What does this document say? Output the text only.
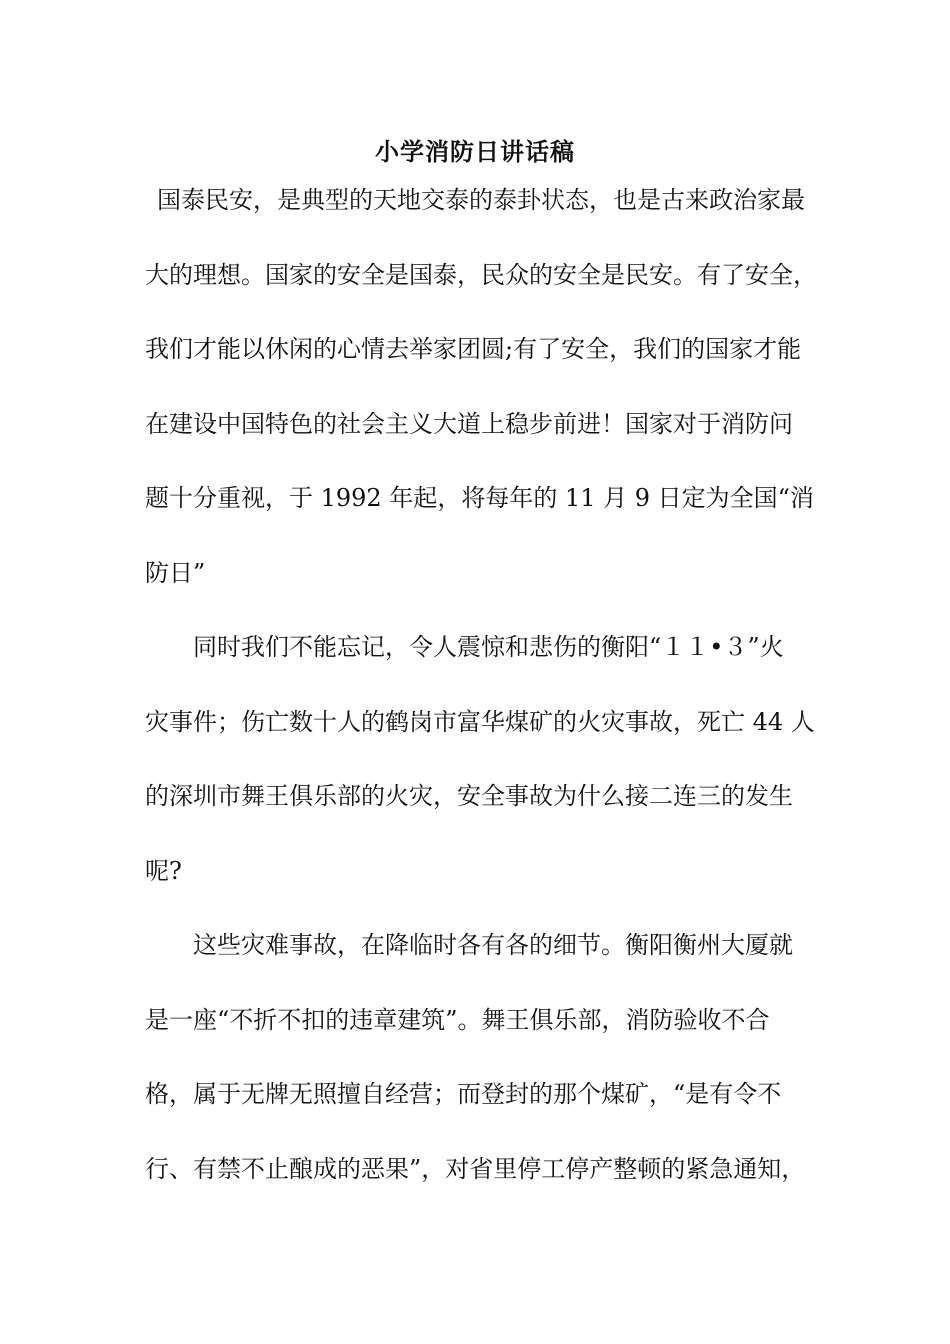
小学消防日讲话稿
国泰民安，是典型的天地交泰的泰卦状态，也是古来政治家最
大的理想。国家的安全是国泰，民众的安全是民安。有了安全，
我们才能以休闲的心情去举家团圆;有了安全，我们的国家才能
在建设中国特色的社会主义大道上稳步前进！国家对于消防问
题十分重视，于 1992 年起，将每年的 11 月 9 日定为全国“消
防日”
同时我们不能忘记，令人震惊和悲伤的衡阳“１１•３”火
灾事件；伤亡数十人的鹤岗市富华煤矿的火灾事故，死亡 44 人
的深圳市舞王俱乐部的火灾，安全事故为什么接二连三的发生
呢?
这些灾难事故，在降临时各有各的细节。衡阳衡州大厦就
是一座“不折不扣的违章建筑”。舞王俱乐部，消防验收不合
格，属于无牌无照擅自经营；而登封的那个煤矿，“是有令不
行、有禁不止酿成的恶果”，对省里停工停产整顿的紧急通知，
